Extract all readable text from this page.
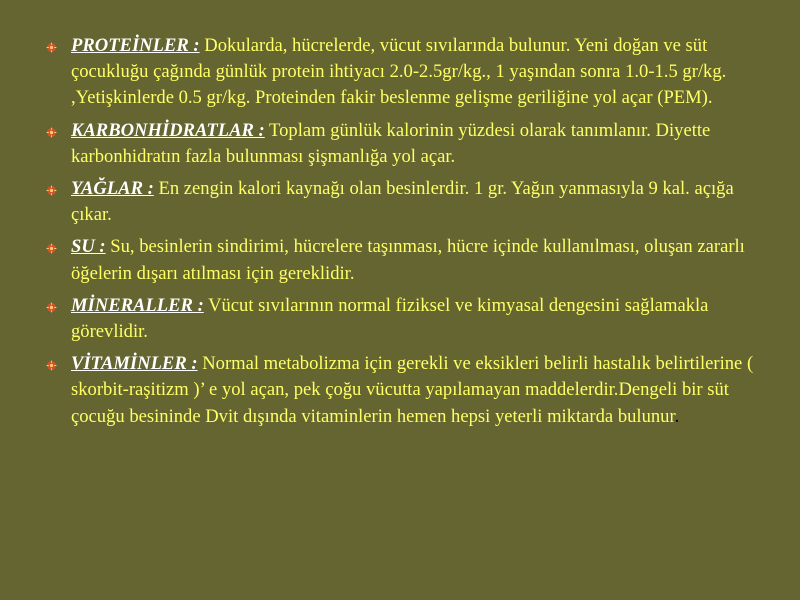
PROTEİNLER : Dokularda, hücrelerde, vücut sıvılarında bulunur. Yeni doğan ve süt çocukluğu çağında günlük protein ihtiyacı 2.0-2.5gr/kg., 1 yaşından sonra 1.0-1.5 gr/kg. ,Yetişkinlerde 0.5 gr/kg. Proteinden fakir beslenme gelişme geriliğine yol açar (PEM).
KARBONHİDRATLAR : Toplam günlük kalorinin yüzdesi olarak tanımlanır. Diyette karbonhidratın fazla bulunması şişmanlığa yol açar.
YAĞLAR : En zengin kalori kaynağı olan besinlerdir. 1 gr. Yağın yanmasıyla 9 kal. açığa çıkar.
SU : Su, besinlerin sindirimi, hücrelere taşınması, hücre içinde kullanılması, oluşan zararlı öğelerin dışarı atılması için gereklidir.
MİNERALLER : Vücut sıvılarının normal fiziksel ve kimyasal dengesini sağlamakla görevlidir.
VİTAMİNLER : Normal metabolizma için gerekli ve eksikleri belirli hastalık belirtilerine ( skorbit-raşitizm )’ e yol açan, pek çoğu vücutta yapılamayan maddelerdir.Dengeli bir süt çocuğu besininde Dvit dışında vitaminlerin hemen hepsi yeterli miktarda bulunur.
